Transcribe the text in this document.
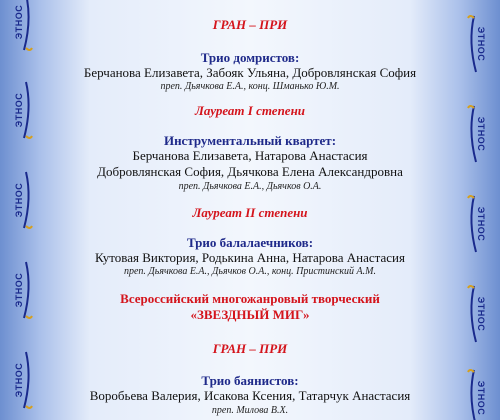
ЭТНОС
ЭТНОС
ЭТНОС
ЭТНОС
ЭТНОС
ЭТНОС
ЭТНОС
ЭТНОС
ЭТНОС
ЭТНОС
ГРАН – ПРИ
Трио домристов:
Берчанова Елизавета, Забояк Ульяна, Добровлянская София
преп. Дьячкова Е.А., конц. Шманько Ю.М.
Лауреат I степени
Инструментальный квартет:
Берчанова Елизавета, Натарова Анастасия
Добровлянская София, Дьячкова Елена Александровна
преп. Дьячкова Е.А., Дьячков О.А.
Лауреат II степени
Трио балалаечников:
Кутовая Виктория, Родькина Анна, Натарова Анастасия
преп. Дьячкова Е.А., Дьячков О.А., конц. Пристинский А.М.
Всероссийский многожанровый творческий
«ЗВЕЗДНЫЙ МИГ»
ГРАН – ПРИ
Трио баянистов:
Воробьева Валерия, Исакова Ксения, Татарчук Анастасия
преп. Милова В.Х.
